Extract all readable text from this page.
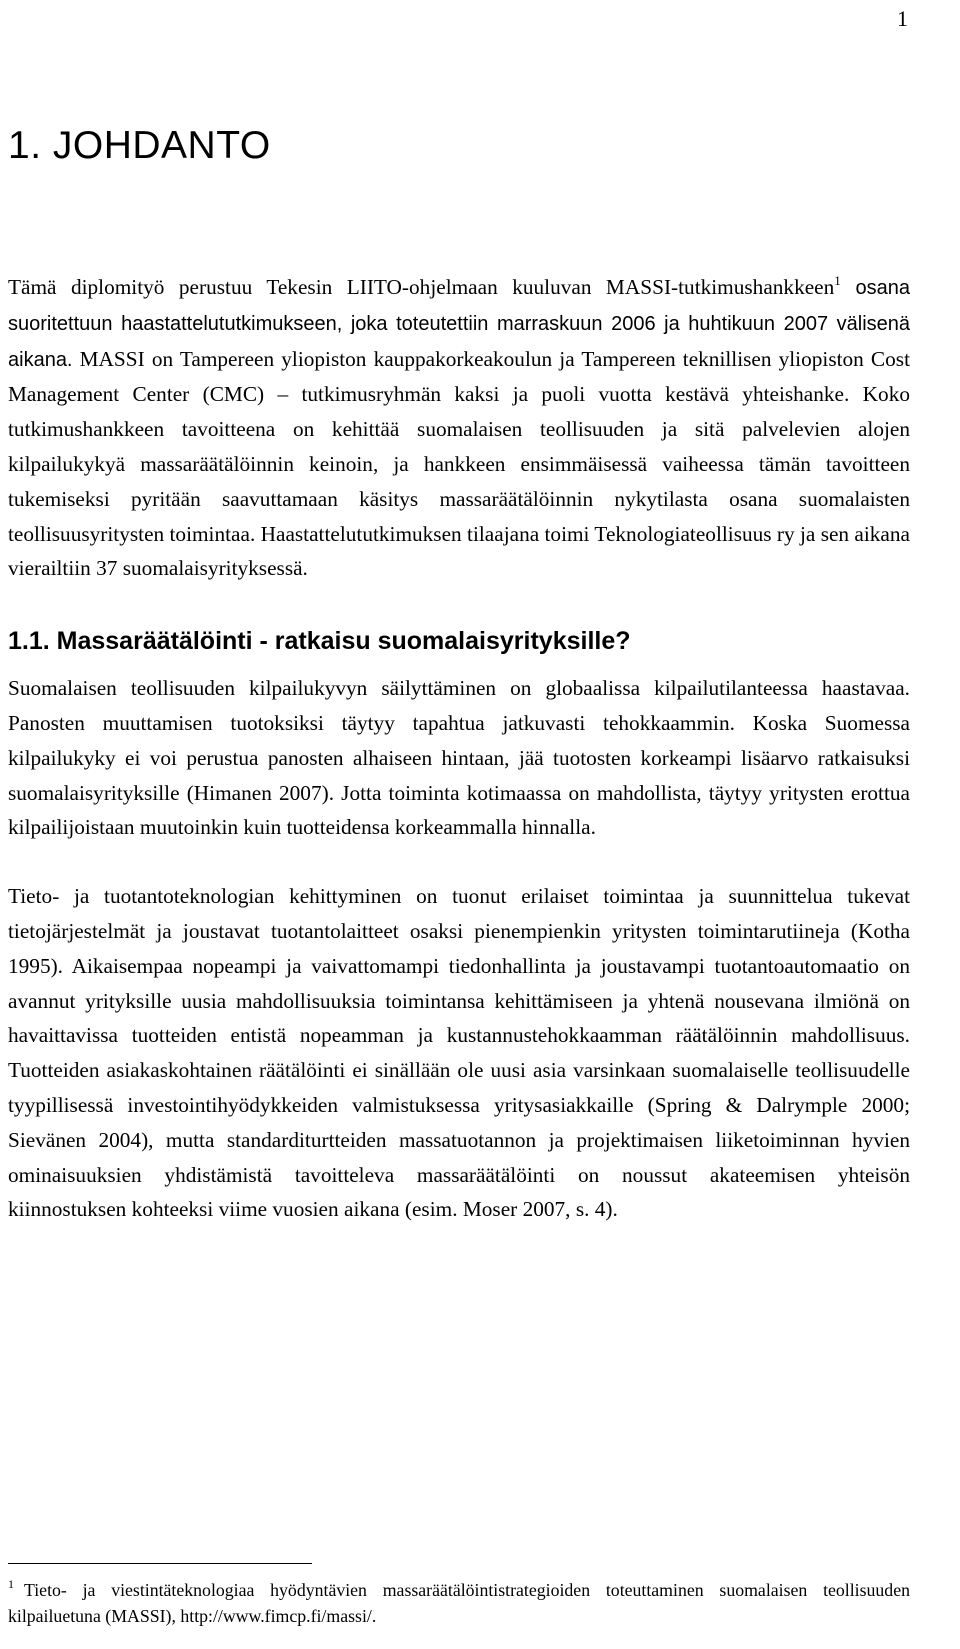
1
1. JOHDANTO

Tämä diplomityö perustuu Tekesin LIITO-ohjelmaan kuuluvan MASSI-tutkimushankkeen$^1$ osana suoritettuun haastattelututkimukseen, joka toteutettiin marraskuun 2006 ja huhtikuun 2007 välisenä aikana. MASSI on Tampereen yliopiston kauppakorkeakoulun ja Tampereen teknillisen yliopiston Cost Management Center (CMC) – tutkimusryhmän kaksi ja puoli vuotta kestävä yhteishanke. Koko tutkimushankkeen tavoitteena on kehittää suomalaisen teollisuuden ja sitä palvelevien alojen kilpailukykyä massaräätälöinnin keinoin, ja hankkeen ensimmäisessä vaiheessa tämän tavoitteen tukemiseksi pyritään saavuttamaan käsitys massaräätälöinnin nykytilasta osana suomalaisten teollisuusyritysten toimintaa. Haastattelututkimuksen tilaajana toimi Teknologiateollisuus ry ja sen aikana vierailtiin 37 suomalaisyrityksessä.

1.1. Massaräätälöinti - ratkaisu suomalaisyrityksille?

Suomalaisen teollisuuden kilpailukyvyn säilyttäminen on globaalissa kilpailutilanteessa haastavaa. Panosten muuttamisen tuotoksiksi täytyy tapahtua jatkuvasti tehokkaammin. Koska Suomessa kilpailukyky ei voi perustua panosten alhaiseen hintaan, jää tuotosten korkeampi lisäarvo ratkaisuksi suomalaisyrityksille (Himanen 2007). Jotta toiminta kotimaassa on mahdollista, täytyy yritysten erottua kilpailijoistaan muutoinkin kuin tuotteidensa korkeammalla hinnalla.

Tieto- ja tuotantoteknologian kehittyminen on tuonut erilaiset toimintaa ja suunnittelua tukevat tietojärjestelmät ja joustavat tuotantolaitteet osaksi pienempienkin yritysten toimintarutiineja (Kotha 1995). Aikaisempaa nopeampi ja vaivattomampi tiedonhallinta ja joustavampi tuotantoautomaatio on avannut yrityksille uusia mahdollisuuksia toimintansa kehittämiseen ja yhtenä nousevana ilmiönä on havaittavissa tuotteiden entistä nopeamman ja kustannustehokkaamman räätälöinnin mahdollisuus. Tuotteiden asiakaskohtainen räätälöinti ei sinällään ole uusi asia varsinkaan suomalaiselle teollisuudelle tyypillisessä investointihyödykkeiden valmistuksessa yritysasiakkaille (Spring & Dalrymple 2000; Sievänen 2004), mutta standarditurtteiden massatuotannon ja projektimaisen liiketoiminnan hyvien ominaisuuksien yhdistämistä tavoitteleva massaräätälöinti on noussut akateemisen yhteisön kiinnostuksen kohteeksi viime vuosien aikana (esim. Moser 2007, s. 4).

$^1$ Tieto- ja viestintäteknologiaa hyödyntävien massaräätälöintistrategioiden toteuttaminen suomalaisen teollisuuden kilpailuetuna (MASSI), http://www.fimcp.fi/massi/.
